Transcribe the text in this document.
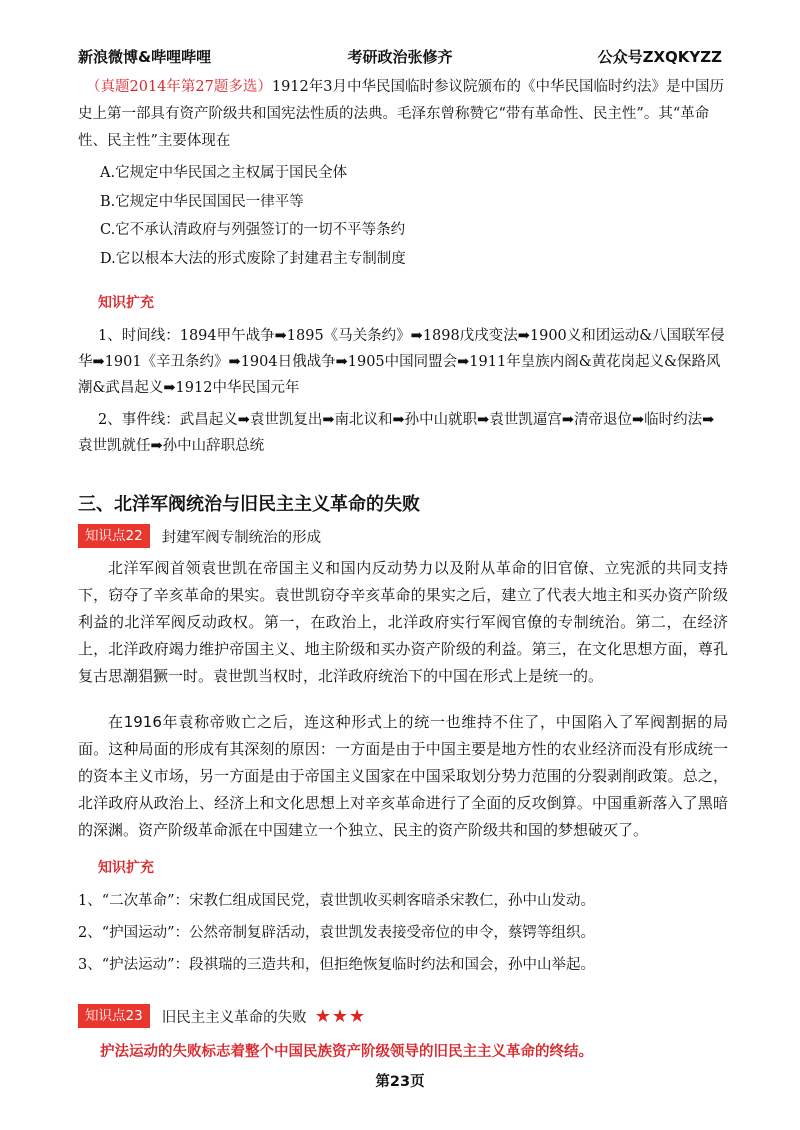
新浪微博&哔哩哔哩	考研政治张修齐	公众号ZXQKYZZ

（真题2014年第27题多选）1912年3月中华民国临时参议院颁布的《中华民国临时约法》是中国历史上第一部具有资产阶级共和国宪法性质的法典。毛泽东曾称赞它“带有革命性、民主性”。其“革命性、民主性”主要体现在

A.它规定中华民国之主权属于国民全体
B.它规定中华民国国民一律平等
C.它不承认清政府与列强签订的一切不平等条约
D.它以根本大法的形式废除了封建君主专制制度
知识扩充

1、时间线：1894甲午战争➡1895《马关条约》➡1898戊戌变法➡1900义和团运动&八国联军侵华➡1901《辛丑条约》➡1904日俄战争➡1905中国同盟会➡1911年皇族内阁&黄花岗起义&保路风潮&武昌起义➡1912中华民国元年

2、事件线：武昌起义➡袁世凯复出➡南北议和➡孙中山就职➡袁世凯逼宫➡清帝退位➡临时约法➡袁世凯就任➡孙中山辞职总统

三、北洋军阀统治与旧民主主义革命的失败
知识点22	封建军阀专制统治的形成

北洋军阀首领袁世凯在帝国主义和国内反动势力以及附从革命的旧官僚、立宪派的共同支持下，窃夺了辛亥革命的果实。袁世凯窃夺辛亥革命的果实之后，建立了代表大地主和买办资产阶级利益的北洋军阀反动政权。第一，在政治上，北洋政府实行军阀官僚的专制统治。第二，在经济上，北洋政府竭力维护帝国主义、地主阶级和买办资产阶级的利益。第三，在文化思想方面，尊孔复古思潮猖獗一时。袁世凯当权时，北洋政府统治下的中国在形式上是统一的。

在1916年袁称帝败亡之后，连这种形式上的统一也维持不住了，中国陷入了军阀割据的局面。这种局面的形成有其深刻的原因：一方面是由于中国主要是地方性的农业经济而没有形成统一的资本主义市场，另一方面是由于帝国主义国家在中国采取划分势力范围的分裂剥削政策。总之，北洋政府从政治上、经济上和文化思想上对辛亥革命进行了全面的反攻倒算。中国重新落入了黑暗的深渊。资产阶级革命派在中国建立一个独立、民主的资产阶级共和国的梦想破灭了。

知识扩充

1、“二次革命”：宋教仁组成国民党，袁世凯收买刺客暗杀宋教仁，孙中山发动。

2、“护国运动”：公然帝制复辟活动，袁世凯发表接受帝位的申令，蔡锷等组织。

3、“护法运动”：段祺瑞的三造共和，但拒绝恢复临时约法和国会，孙中山举起。

知识点23	旧民主主义革命的失败 ★★★

护法运动的失败标志着整个中国民族资产阶级领导的旧民主主义革命的终结。

第23页
